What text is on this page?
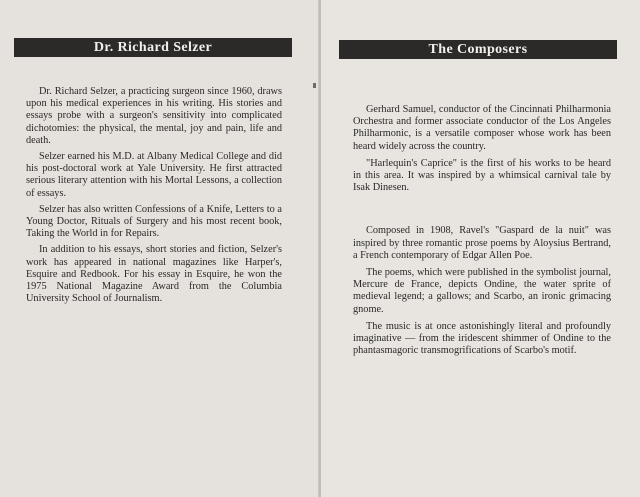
Dr. Richard Selzer

Dr. Richard Selzer, a practicing surgeon since 1960, draws upon his medical experiences in his writing. His stories and essays probe with a surgeon's sensitivity into complicated dichotomies: the physical, the mental, joy and pain, life and death.

Selzer earned his M.D. at Albany Medical College and did his post-doctoral work at Yale University. He first attracted serious literary attention with his Mortal Lessons, a collection of essays.

Selzer has also written Confessions of a Knife, Letters to a Young Doctor, Rituals of Surgery and his most recent book, Taking the World in for Repairs.

In addition to his essays, short stories and fiction, Selzer's work has appeared in national magazines like Harper's, Esquire and Redbook. For his essay in Esquire, he won the 1975 National Magazine Award from the Columbia University School of Journalism.

The Composers

Gerhard Samuel, conductor of the Cincinnati Philharmonia Orchestra and former associate conductor of the Los Angeles Philharmonic, is a versatile composer whose work has been heard widely across the country.

"Harlequin's Caprice" is the first of his works to be heard in this area. It was inspired by a whimsical carnival tale by Isak Dinesen.

Composed in 1908, Ravel's "Gaspard de la nuit" was inspired by three romantic prose poems by Aloysius Bertrand, a French contemporary of Edgar Allen Poe.

The poems, which were published in the symbolist journal, Mercure de France, depicts Ondine, the water sprite of medieval legend; a gallows; and Scarbo, an ironic grimacing gnome.

The music is at once astonishingly literal and profoundly imaginative — from the iridescent shimmer of Ondine to the phantasmagoric transmogrifications of Scarbo's motif.
